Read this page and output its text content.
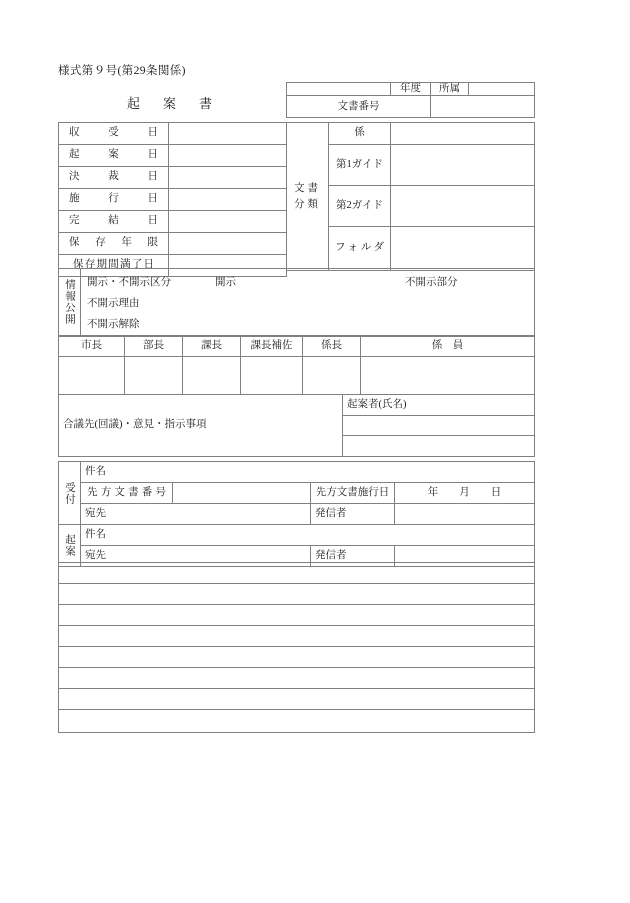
様式第９号(第29条関係)
起　案　書
	年度	所属	
文書番号			
収受日	

起案日	

決裁日	

施行日	

完結日	

保存年限	

保存期間満了日	

文書分類	係	
	第1ガイド	
	第2ガイド	

	フォルダ	

情報公開	開示・不開示区分	開示	不開示部分
不開示理由
不開示解除
市長	部長	課長	課長補佐	係長	係　員

合議先(回議)・意見・指示事項	起案者(氏名)

受付	件名			

	先方文書番号		先方文書施行日	年　　月　　日
	宛先		発信者	

起案	件名			
	宛先		発信者	
